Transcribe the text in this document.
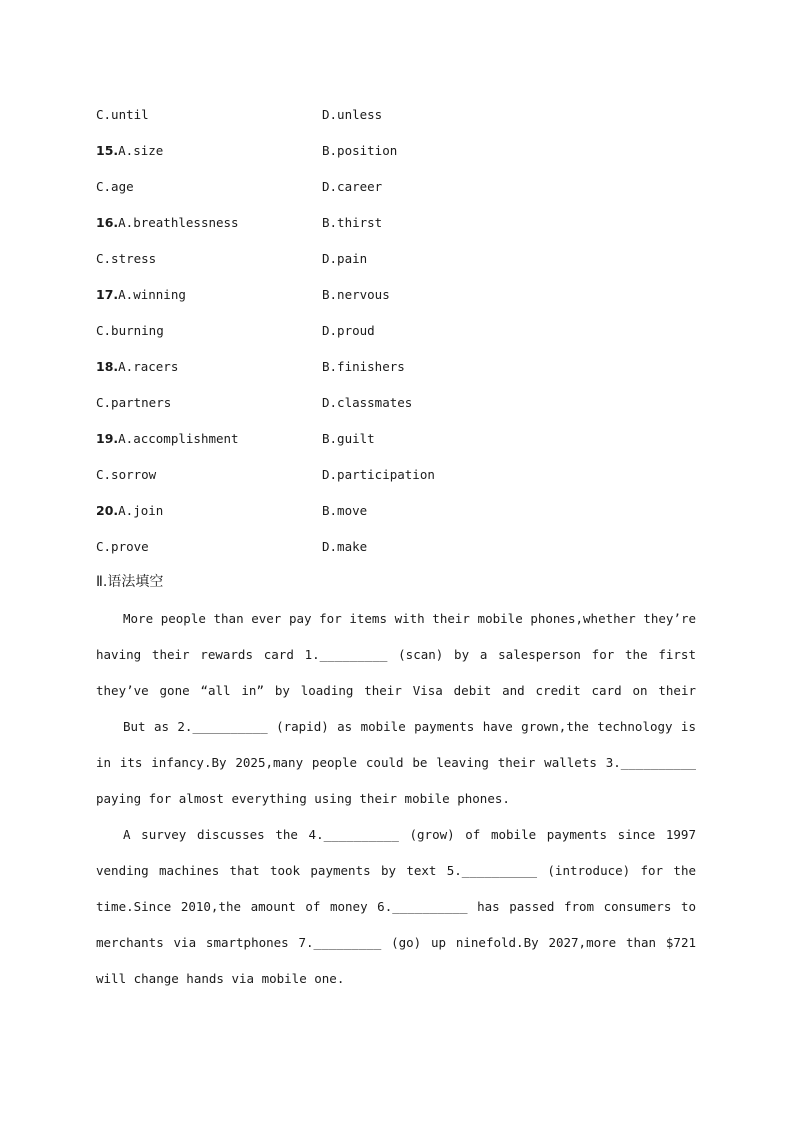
C.until	D.unless
15.A.size	B.position
C.age	D.career
16.A.breathlessness	B.thirst
C.stress	D.pain
17.A.winning	B.nervous
C.burning	D.proud
18.A.racers	B.finishers
C.partners	D.classmates
19.A.accomplishment	B.guilt
C.sorrow	D.participation
20.A.join	B.move
C.prove	D.make
Ⅱ.语法填空
More people than ever pay for items with their mobile phones,whether they’re
having their rewards card 1._________ (scan) by a salesperson for the first
they’ve gone “all in” by loading their Visa debit and credit card on their
But as 2.__________ (rapid) as mobile payments have grown,the technology is
in its infancy.By 2025,many people could be leaving their wallets 3.__________
paying for almost everything using their mobile phones.
A survey discusses the 4.__________ (grow) of mobile payments since 1997
vending machines that took payments by text 5.__________ (introduce) for the
time.Since 2010,the amount of money 6.__________ has passed from consumers to
merchants via smartphones 7._________ (go) up ninefold.By 2027,more than $721
will change hands via mobile one.
